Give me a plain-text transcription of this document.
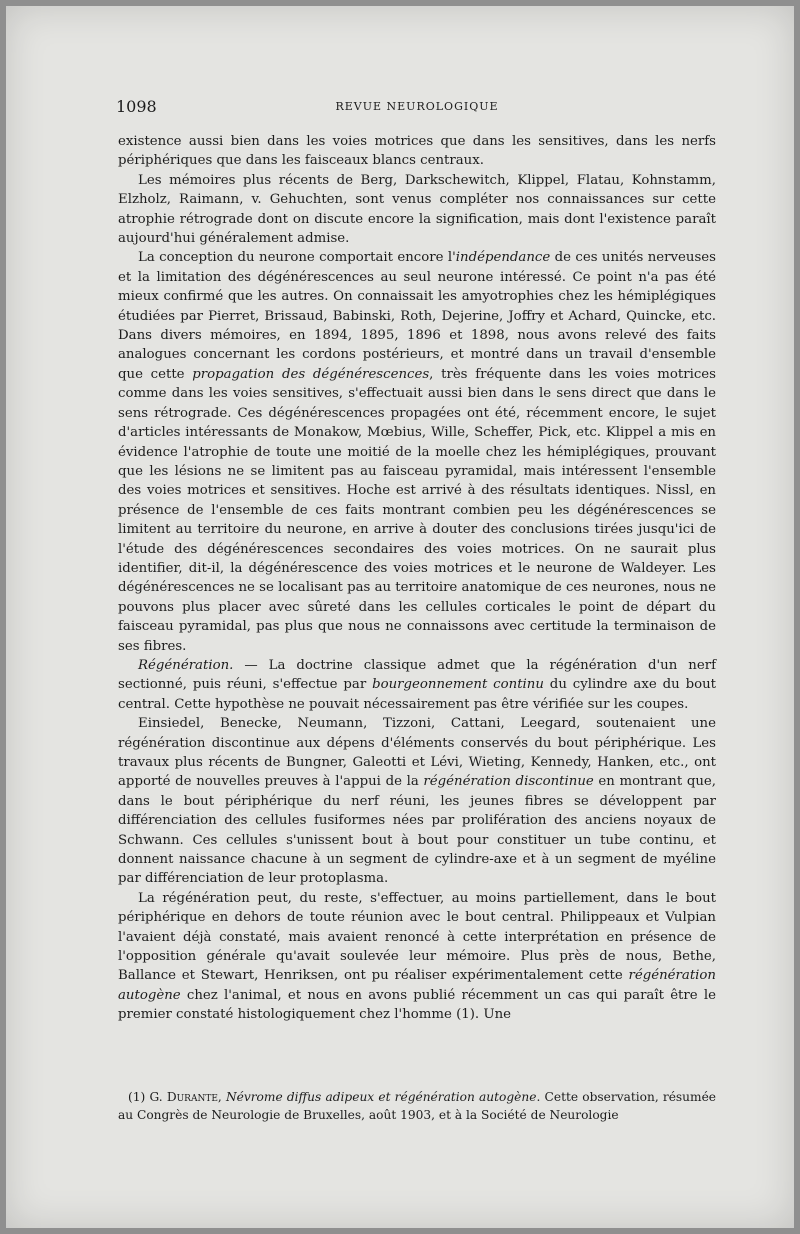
1098	REVUE NEUROLOGIQUE

existence aussi bien dans les voies motrices que dans les sensitives, dans les nerfs périphériques que dans les faisceaux blancs centraux.

Les mémoires plus récents de Berg, Darkschewitch, Klippel, Flatau, Kohnstamm, Elzholz, Raimann, v. Gehuchten, sont venus compléter nos connaissances sur cette atrophie rétrograde dont on discute encore la signification, mais dont l'existence paraît aujourd'hui généralement admise.

La conception du neurone comportait encore l'indépendance de ces unités nerveuses et la limitation des dégénérescences au seul neurone intéressé. Ce point n'a pas été mieux confirmé que les autres. On connaissait les amyotrophies chez les hémiplégiques étudiées par Pierret, Brissaud, Babinski, Roth, Dejerine, Joffry et Achard, Quincke, etc. Dans divers mémoires, en 1894, 1895, 1896 et 1898, nous avons relevé des faits analogues concernant les cordons postérieurs, et montré dans un travail d'ensemble que cette propagation des dégénérescences, très fréquente dans les voies motrices comme dans les voies sensitives, s'effectuait aussi bien dans le sens direct que dans le sens rétrograde. Ces dégénérescences propagées ont été, récemment encore, le sujet d'articles intéressants de Monakow, Mœbius, Wille, Scheffer, Pick, etc. Klippel a mis en évidence l'atrophie de toute une moitié de la moelle chez les hémiplégiques, prouvant que les lésions ne se limitent pas au faisceau pyramidal, mais intéressent l'ensemble des voies motrices et sensitives. Hoche est arrivé à des résultats identiques. Nissl, en présence de l'ensemble de ces faits montrant combien peu les dégénérescences se limitent au territoire du neurone, en arrive à douter des conclusions tirées jusqu'ici de l'étude des dégénérescences secondaires des voies motrices. On ne saurait plus identifier, dit-il, la dégénérescence des voies motrices et le neurone de Waldeyer. Les dégénérescences ne se localisant pas au territoire anatomique de ces neurones, nous ne pouvons plus placer avec sûreté dans les cellules corticales le point de départ du faisceau pyramidal, pas plus que nous ne connaissons avec certitude la terminaison de ses fibres.

Régénération. — La doctrine classique admet que la régénération d'un nerf sectionné, puis réuni, s'effectue par bourgeonnement continu du cylindre axe du bout central. Cette hypothèse ne pouvait nécessairement pas être vérifiée sur les coupes.

Einsiedel, Benecke, Neumann, Tizzoni, Cattani, Leegard, soutenaient une régénération discontinue aux dépens d'éléments conservés du bout périphérique. Les travaux plus récents de Bungner, Galeotti et Lévi, Wieting, Kennedy, Hanken, etc., ont apporté de nouvelles preuves à l'appui de la régénération discontinue en montrant que, dans le bout périphérique du nerf réuni, les jeunes fibres se développent par différenciation des cellules fusiformes nées par prolifération des anciens noyaux de Schwann. Ces cellules s'unissent bout à bout pour constituer un tube continu, et donnent naissance chacune à un segment de cylindre-axe et à un segment de myéline par différenciation de leur protoplasma.

La régénération peut, du reste, s'effectuer, au moins partiellement, dans le bout périphérique en dehors de toute réunion avec le bout central. Philippeaux et Vulpian l'avaient déjà constaté, mais avaient renoncé à cette interprétation en présence de l'opposition générale qu'avait soulevée leur mémoire. Plus près de nous, Bethe, Ballance et Stewart, Henriksen, ont pu réaliser expérimentalement cette régénération autogène chez l'animal, et nous en avons publié récemment un cas qui paraît être le premier constaté histologiquement chez l'homme (1). Une

(1) G. Durante, Névrome diffus adipeux et régénération autogène. Cette observation, résumée au Congrès de Neurologie de Bruxelles, août 1903, et à la Société de Neurologie
